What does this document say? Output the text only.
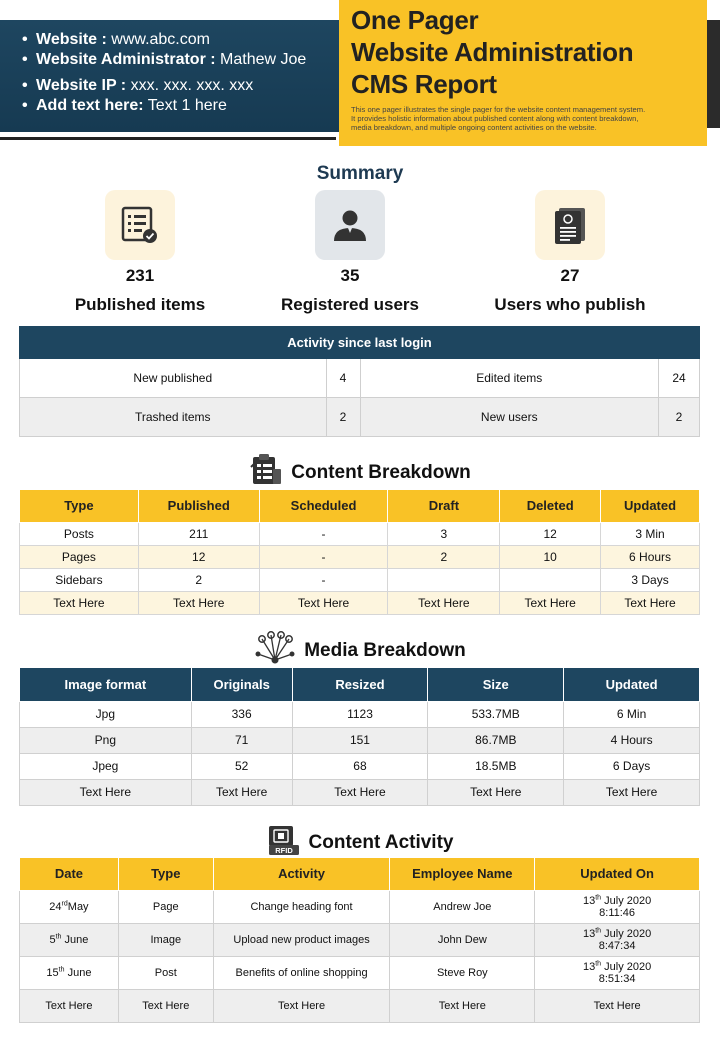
• Website : www.abc.com
• Website Administrator : Mathew Joe
• Website IP : xxx. xxx. xxx. xxx
• Add text here: Text 1 here
One Pager
Website Administration
CMS Report

This one pager illustrates the single pager for the website content management system. It provides holistic information about published content along with content breakdown, media breakdown, and multiple ongoing content activities on the website.

Summary
231
Published items
35
Registered users
27
Users who publish
Activity since last login			
New published	4	Edited items	24
Trashed items	2	New users	2
Content Breakdown
Type	Published	Scheduled	Draft	Deleted	Updated
Posts	211	-	3	12	3 Min
Pages	12	-	2	10	6 Hours
Sidebars	2	-			3 Days
Text Here	Text Here	Text Here	Text Here	Text Here	Text Here
Media Breakdown
Image format	Originals	Resized	Size	Updated
Jpg	336	1123	533.7MB	6 Min
Png	71	151	86.7MB	4 Hours
Jpeg	52	68	18.5MB	6 Days
Text Here	Text Here	Text Here	Text Here	Text Here
RFID Content Activity
Date	Type	Activity	Employee Name	Updated On
24rdMay	Page	Change heading font	Andrew Joe	13th July 2020
8:11:46
5th June	Image	Upload new product images	John Dew	13th July 2020
8:47:34
15th June	Post	Benefits of online shopping	Steve Roy	13th July 2020
8:51:34
Text Here	Text Here	Text Here	Text Here	Text Here
